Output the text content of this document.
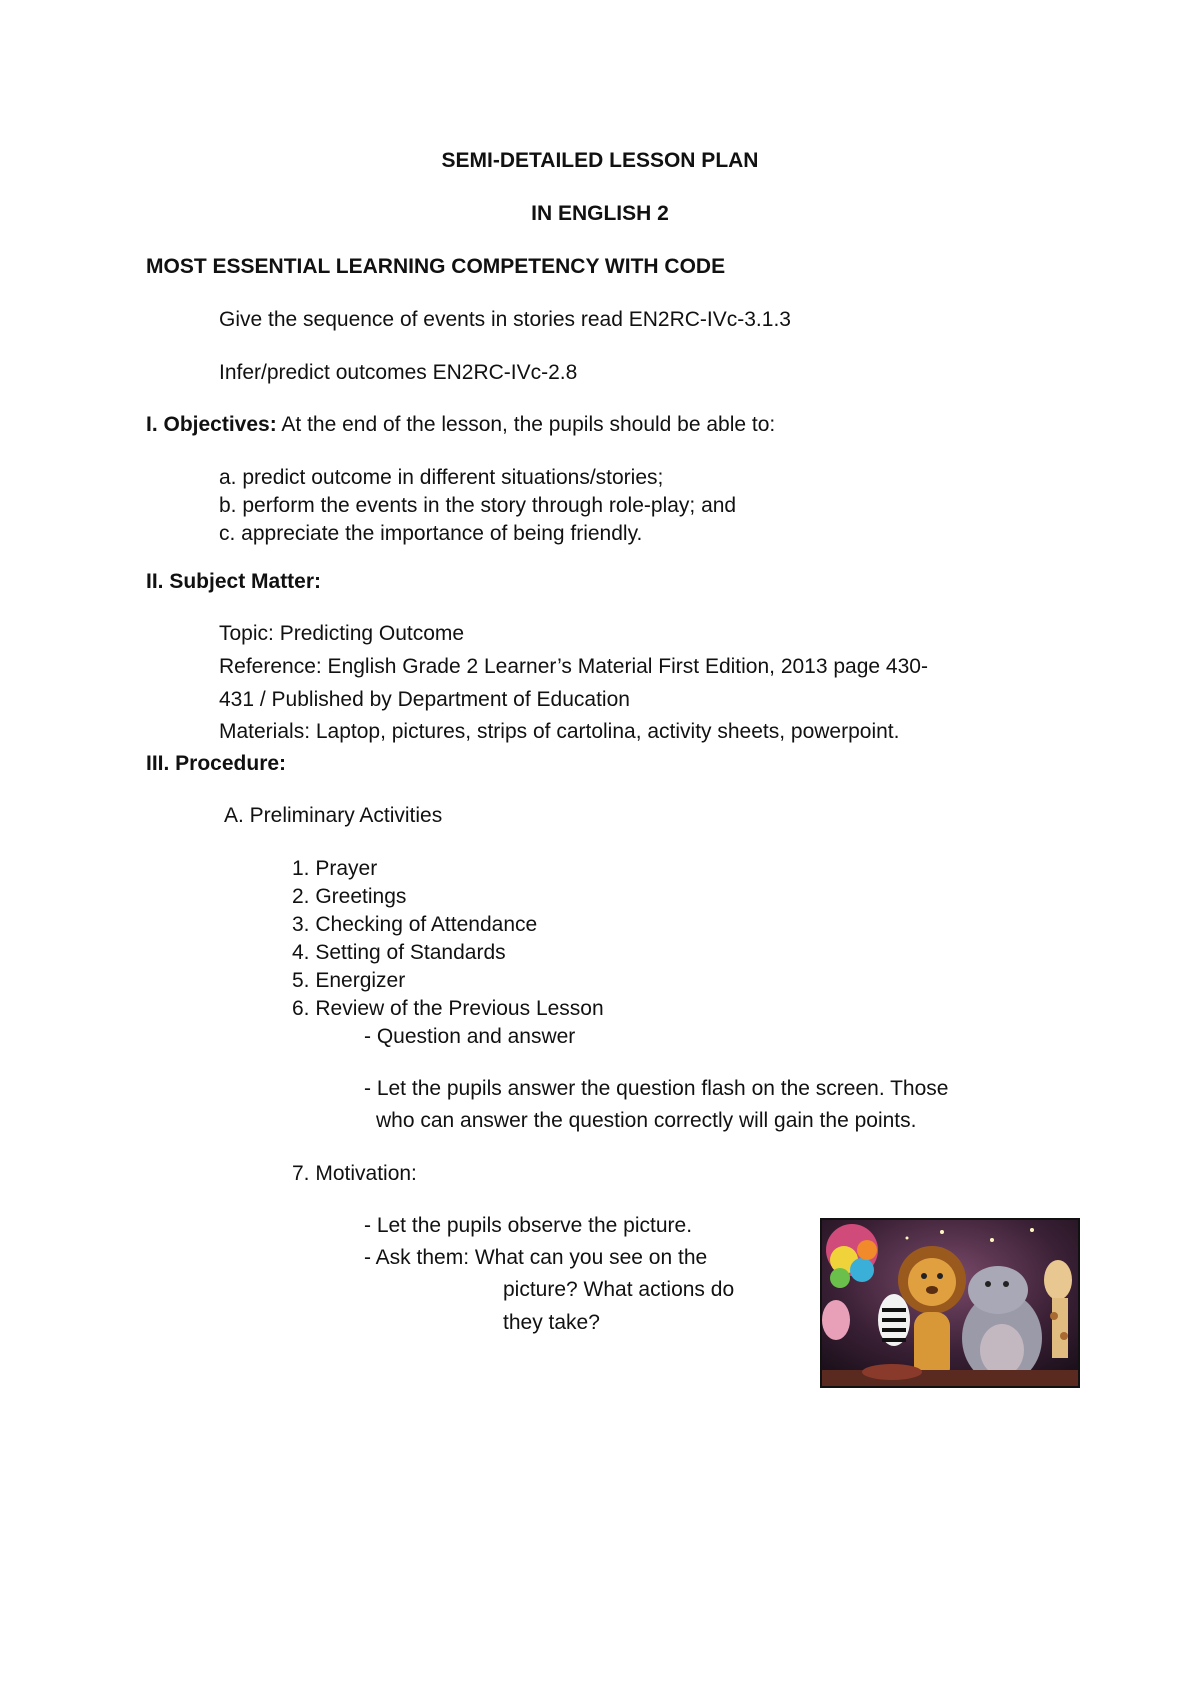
SEMI-DETAILED LESSON PLAN
IN ENGLISH 2
MOST ESSENTIAL LEARNING COMPETENCY WITH CODE
Give the sequence of events in stories read EN2RC-IVc-3.1.3
Infer/predict outcomes EN2RC-IVc-2.8
I. Objectives: At the end of the lesson, the pupils should be able to:
a. predict outcome in different situations/stories;
b. perform the events in the story through role-play; and
c. appreciate the importance of being friendly.
II. Subject Matter:
Topic: Predicting Outcome
Reference: English Grade 2 Learner’s Material First Edition, 2013 page 430-
431 / Published by Department of Education
Materials: Laptop, pictures, strips of cartolina, activity sheets, powerpoint.
III. Procedure:
A. Preliminary Activities
1. Prayer
2. Greetings
3. Checking of Attendance
4. Setting of Standards
5. Energizer
6. Review of the Previous Lesson
- Question and answer
- Let the pupils answer the question flash on the screen. Those
who can answer the question correctly will gain the points.
7. Motivation:
- Let the pupils observe the picture.
- Ask them: What can you see on the
picture? What actions do
they take?
